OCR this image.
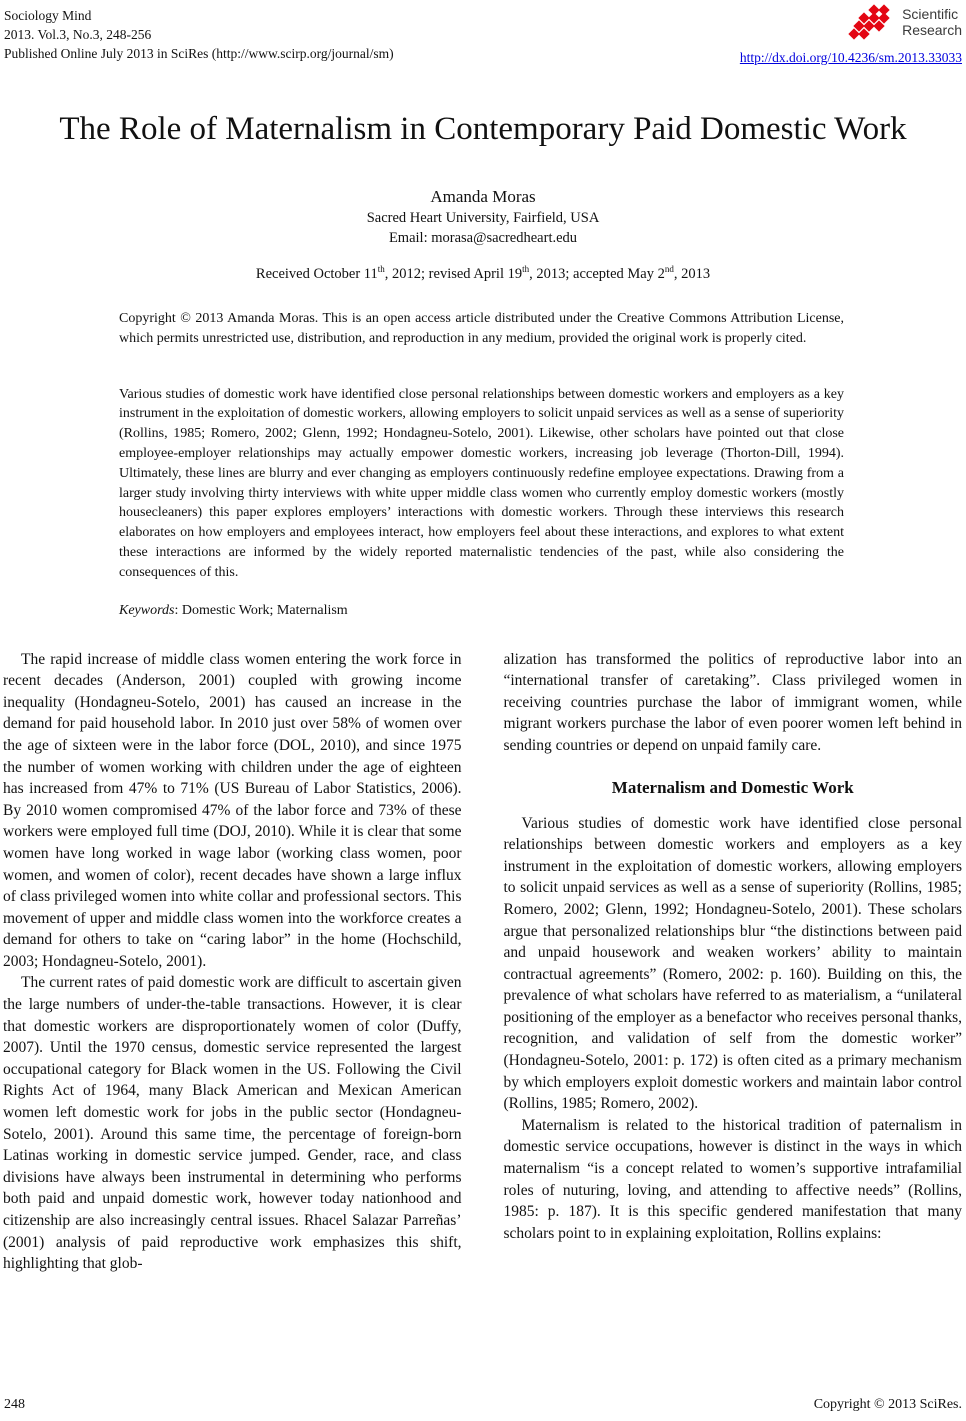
Sociology Mind
2013. Vol.3, No.3, 248-256
Published Online July 2013 in SciRes (http://www.scirp.org/journal/sm)
Scientific
Research
http://dx.doi.org/10.4236/sm.2013.33033
The Role of Maternalism in Contemporary Paid Domestic Work
Amanda Moras
Sacred Heart University, Fairfield, USA
Email: morasa@sacredheart.edu
Received October 11th, 2012; revised April 19th, 2013; accepted May 2nd, 2013
Copyright © 2013 Amanda Moras. This is an open access article distributed under the Creative Commons Attribution License, which permits unrestricted use, distribution, and reproduction in any medium, provided the original work is properly cited.
Various studies of domestic work have identified close personal relationships between domestic workers and employers as a key instrument in the exploitation of domestic workers, allowing employers to solicit unpaid services as well as a sense of superiority (Rollins, 1985; Romero, 2002; Glenn, 1992; Hondagneu-Sotelo, 2001). Likewise, other scholars have pointed out that close employee-employer relationships may actually empower domestic workers, increasing job leverage (Thorton-Dill, 1994). Ultimately, these lines are blurry and ever changing as employers continuously redefine employee expectations. Drawing from a larger study involving thirty interviews with white upper middle class women who currently employ domestic workers (mostly housecleaners) this paper explores employers’ interactions with domestic workers. Through these interviews this research elaborates on how employers and employees interact, how employers feel about these interactions, and explores to what extent these interactions are informed by the widely reported maternalistic tendencies of the past, while also considering the consequences of this.
Keywords: Domestic Work; Maternalism

The rapid increase of middle class women entering the work force in recent decades (Anderson, 2001) coupled with growing income inequality (Hondagneu-Sotelo, 2001) has caused an increase in the demand for paid household labor. In 2010 just over 58% of women over the age of sixteen were in the labor force (DOL, 2010), and since 1975 the number of women working with children under the age of eighteen has increased from 47% to 71% (US Bureau of Labor Statistics, 2006). By 2010 women compromised 47% of the labor force and 73% of these workers were employed full time (DOJ, 2010). While it is clear that some women have long worked in wage labor (working class women, poor women, and women of color), recent decades have shown a large influx of class privileged women into white collar and professional sectors. This movement of upper and middle class women into the workforce creates a demand for others to take on “caring labor” in the home (Hochschild, 2003; Hondagneu-Sotelo, 2001).

The current rates of paid domestic work are difficult to ascertain given the large numbers of under-the-table transactions. However, it is clear that domestic workers are disproportionately women of color (Duffy, 2007). Until the 1970 census, domestic service represented the largest occupational category for Black women in the US. Following the Civil Rights Act of 1964, many Black American and Mexican American women left domestic work for jobs in the public sector (Hondagneu-Sotelo, 2001). Around this same time, the percentage of foreign-born Latinas working in domestic service jumped. Gender, race, and class divisions have always been instrumental in determining who performs both paid and unpaid domestic work, however today nationhood and citizenship are also increasingly central issues. Rhacel Salazar Parreñas’ (2001) analysis of paid reproductive work emphasizes this shift, highlighting that glob-

alization has transformed the politics of reproductive labor into an “international transfer of caretaking”. Class privileged women in receiving countries purchase the labor of immigrant women, while migrant workers purchase the labor of even poorer women left behind in sending countries or depend on unpaid family care.

Maternalism and Domestic Work

Various studies of domestic work have identified close personal relationships between domestic workers and employers as a key instrument in the exploitation of domestic workers, allowing employers to solicit unpaid services as well as a sense of superiority (Rollins, 1985; Romero, 2002; Glenn, 1992; Hondagneu-Sotelo, 2001). These scholars argue that personalized relationships blur “the distinctions between paid and unpaid housework and weaken workers’ ability to maintain contractual agreements” (Romero, 2002: p. 160). Building on this, the prevalence of what scholars have referred to as materialism, a “unilateral positioning of the employer as a benefactor who receives personal thanks, recognition, and validation of self from the domestic worker” (Hondagneu-Sotelo, 2001: p. 172) is often cited as a primary mechanism by which employers exploit domestic workers and maintain labor control (Rollins, 1985; Romero, 2002).

Maternalism is related to the historical tradition of paternalism in domestic service occupations, however is distinct in the ways in which maternalism “is a concept related to women’s supportive intrafamilial roles of nuturing, loving, and attending to affective needs” (Rollins, 1985: p. 187). It is this specific gendered manifestation that many scholars point to in explaining exploitation, Rollins explains:

248	Copyright © 2013 SciRes.
